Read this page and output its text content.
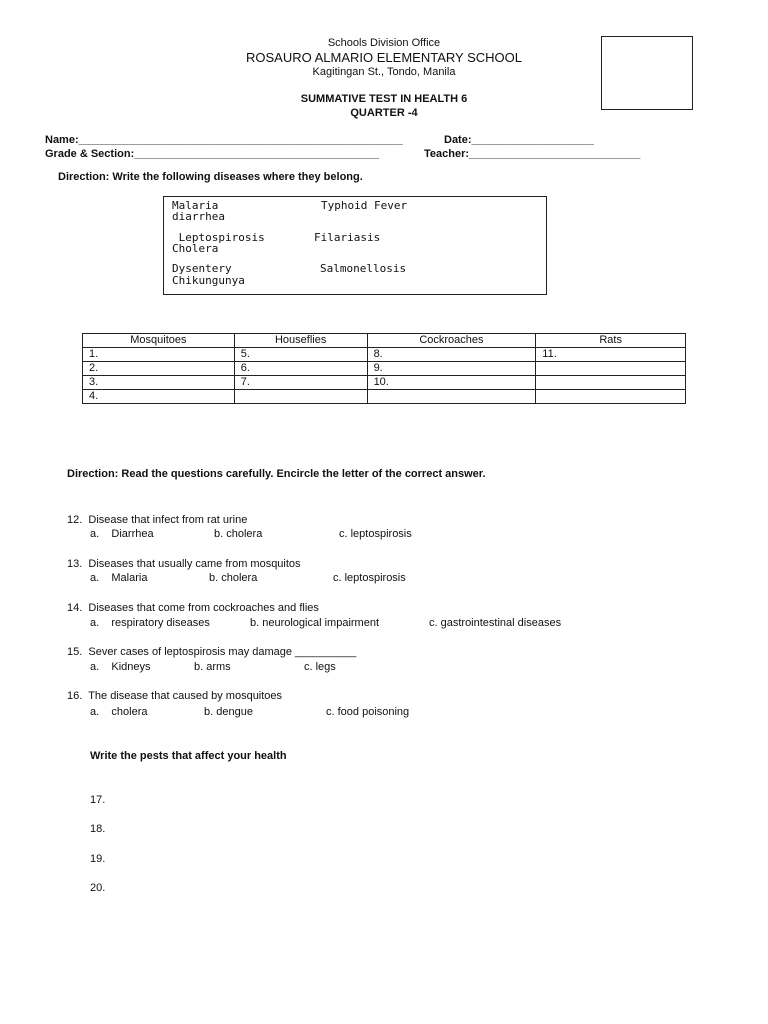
Schools Division Office
ROSAURO ALMARIO ELEMENTARY SCHOOL
Kagitingan St., Tondo, Manila
SUMMATIVE TEST IN HEALTH 6
QUARTER -4
Name:_____________________________________________________	Date:____________________
Grade & Section:________________________________________	Teacher:____________________________
Direction: Write the following diseases where they belong.
Malaria	Typhoid Fever
diarrhea
Leptospirosis	Filariasis
Cholera
Dysentery	Salmonellosis
Chikungunya
Mosquitoes	Houseflies	Cockroaches	Rats
1.	5.	8.	11.
2.	6.	9.	
3.	7.	10.	
4.			
Direction: Read the questions carefully. Encircle the letter of the correct answer.
12.  Disease that infect from rat urine
a.    Diarrhea	b. cholera	c. leptospirosis
13.  Diseases that usually came from mosquitos
a.    Malaria	b. cholera	c. leptospirosis
14.  Diseases that come from cockroaches and flies
a.    respiratory diseases	b. neurological impairment	c. gastrointestinal diseases
15.  Sever cases of leptospirosis may damage __________
a.    Kidneys	b. arms	c. legs
16.  The disease that caused by mosquitoes
a.    cholera	b. dengue	c. food poisoning
Write the pests that affect your health
17.
18.
19.
20.
